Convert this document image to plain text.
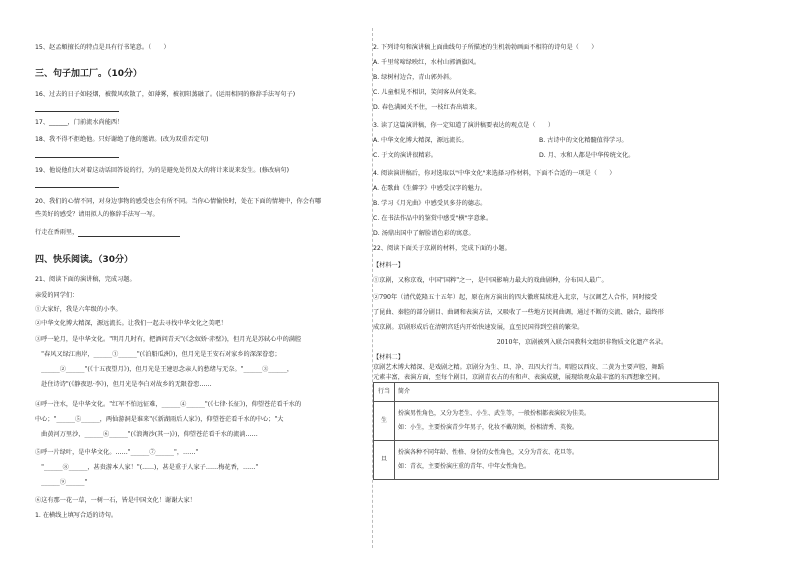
15、赵孟頫擅长的特点是具有行书笔意。（　　）
三、句子加工厂。（10分）
16、过去的日子如轻烟，被微风吹散了，如薄雾，被初阳蒸融了。(运用相同的修辞手法写句子)
17、______，门前流水尚能西！
18、我不得不拒绝他。只好谢绝了他的邀请。(改为双重否定句)
19、他说他们大对着这动话回答说的行，为的是避免处罚及大的将计来说来发生。(修改病句)
20、我们的心情不同，对身边事物的感受也会有所不同。当你心情愉快时，处在下面的情境中，你会有哪
些美好的感受？请用拟人的修辞手法写一写。
行走在香雨里，
四、快乐阅读。（30分）
21、阅读下面的演讲稿，完成习题。
亲爱的同学们：
①大家好，我是六年级的小李。
②中华文化博大精深，源远流长。让我们一起去寻找中华文化之美吧！
③呼一轮月，是中华文化。"明月几时有，把酒问青天"(《念奴娇·赤壁》)，但月光是苏轼心中的满腔
　"春风又绿江南岸，______①______"(《泊船瓜洲》)，但月光是王安石对家乡的深深眷恋；
　______②______"(《十五夜望月》)，但月光是王建思念亲人的愁绪与无奈。"______③______，
　赴住诗诗"(《静夜思·李》)，但月光是李白对故乡的无限眷恋……
④呼一注水，是中华文化。"红军不怕远征难，______④______"(《七律·长征》)，仰望苍茫看千水的
中心；"______⑤______，两仙游洞是谁来"(《新湖雨后人家》)，仰望苍茫看千水的中心；"大
　曲黄河万里沙，______⑥______"(《浪淘沙(其一)》)，仰望苍茫看千水的流淌……
⑤呼一片绿叶，是中华文化。……"______⑦______"，……"
　"______⑧______，甚贵游本人家！"(......)，甚是重于人家子……梅花香，……"
　______⑨______"
⑥这有那一花一草，一树一石，皆是中国文化！谢谢大家！
1. 在横线上填写合适的诗句。
2. 下列诗句和演讲稿上面曲线句子所描述的生机勃勃画面不相符的诗句是（　　）
A. 千里莺啼绿映红，水村山郭酒旗风。
B. 绿树村边合，青山郭外斜。
C. 儿童相见不相识，笑问客从何处来。
D. 春色满园关不住，一枝红杏出墙来。
3. 读了这篇演讲稿，你一定知道了演讲稿要表达的观点是（　　）
A. 中华文化博大精深，源远流长。	B. 古诗中的文化精髓值得学习。
C. 于文的演讲很精彩。	D. 月、水和人都是中华传统文化。
4. 阅读演讲稿后，你对选取以"中华文化"来选择习作材料，下面不合适的一项是（　　）
A. 在歌曲《生僻字》中感受汉字的魅力。
B. 学习《月光曲》中感受贝多芬的德志。
C. 在书法作品中的鉴赏中感受"横"字意象。
D. 汤鼎出国中了解脸谱色彩的寓意。
22、阅读下面关于京剧的材料，完成下面的小题。
【材料一】
①京剧，又称京戏，中国"国粹"之一，是中国影响力最大的戏曲剧种，分布国人最广。
②790年（清代乾隆五十五年）起，原在南方演出的四大徽班陆续进入北京，与汉调艺人合作，同时接受
了昆曲、秦腔的部分剧目、曲调和表演方法，又吸收了一些地方民间曲调，通过不断的交流、融合，最终形
成京剧。京剧形成后在清朝宫廷内开始快速发展，直至民国得到空前的繁荣。
　　　　　　　　　　　　　　　　　　　　2010年，京剧被列入联合国教科文组织非物质文化遗产名录。
【材料二】
京剧艺术博大精深、是戏剧之精。京剧分为生、旦、净、丑四大行当。唱腔以西皮、二黄为主要声腔，舞蹈
元素丰富，表演方面，至每个剧目，京剧青衣占的有和声、表演成就，展现给观众最丰富的东西想象空间。
行当	简介
生	扮演男性角色，又分为老生、小生、武生等，一般扮相都表演较为佳美。
如：小生，主要扮演青少年男子，化妆不戴胡须，扮相清秀、英俊。

旦	扮演各种不同年龄、性格、身份的女性角色，又分为青衣、花旦等。
如：青衣，主要扮演庄重的青年、中年女性角色。
